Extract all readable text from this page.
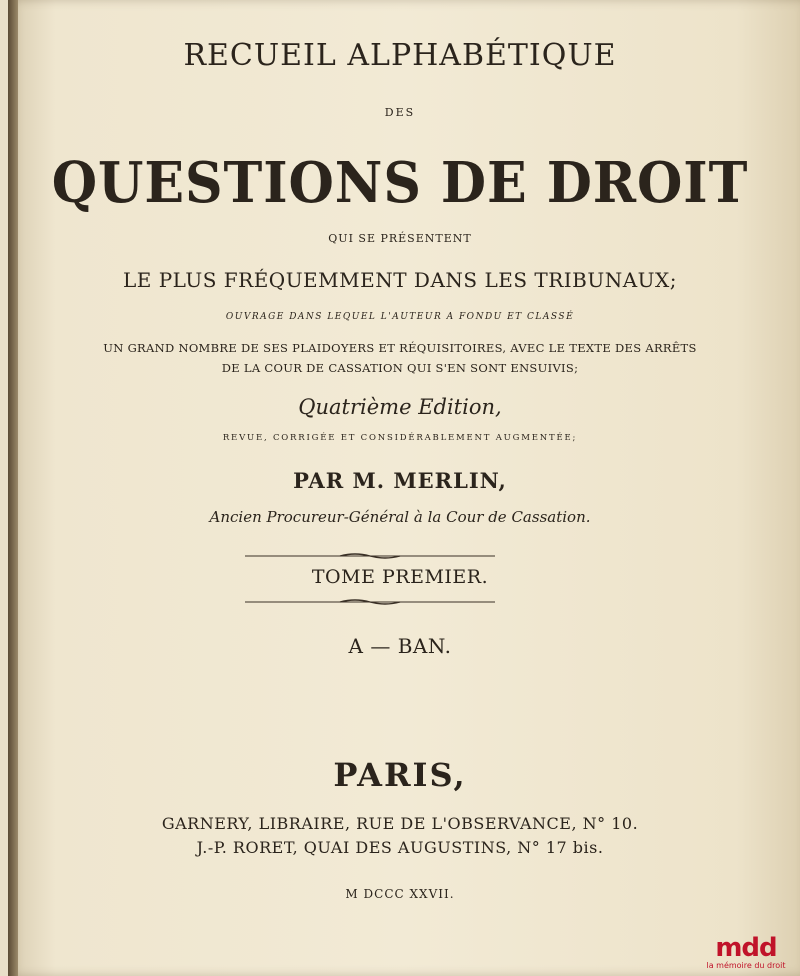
RECUEIL ALPHABÉTIQUE
DES
QUESTIONS DE DROIT
QUI SE PRÉSENTENT
LE PLUS FRÉQUEMMENT DANS LES TRIBUNAUX;
OUVRAGE DANS LEQUEL L'AUTEUR A FONDU ET CLASSÉ
UN GRAND NOMBRE DE SES PLAIDOYERS ET RÉQUISITOIRES, AVEC LE TEXTE DES ARRÊTS
DE LA COUR DE CASSATION QUI S'EN SONT ENSUIVIS;
Quatrième Edition,
REVUE, CORRIGÉE ET CONSIDÉRABLEMENT AUGMENTÉE;
PAR M. MERLIN,
Ancien Procureur-Général à la Cour de Cassation.
TOME PREMIER.
A — BAN.
PARIS,
GARNERY, LIBRAIRE, RUE DE L'OBSERVANCE, N° 10.
J.-P. RORET, QUAI DES AUGUSTINS, N° 17 bis.
M DCCC XXVII.
mdd
la mémoire du droit
